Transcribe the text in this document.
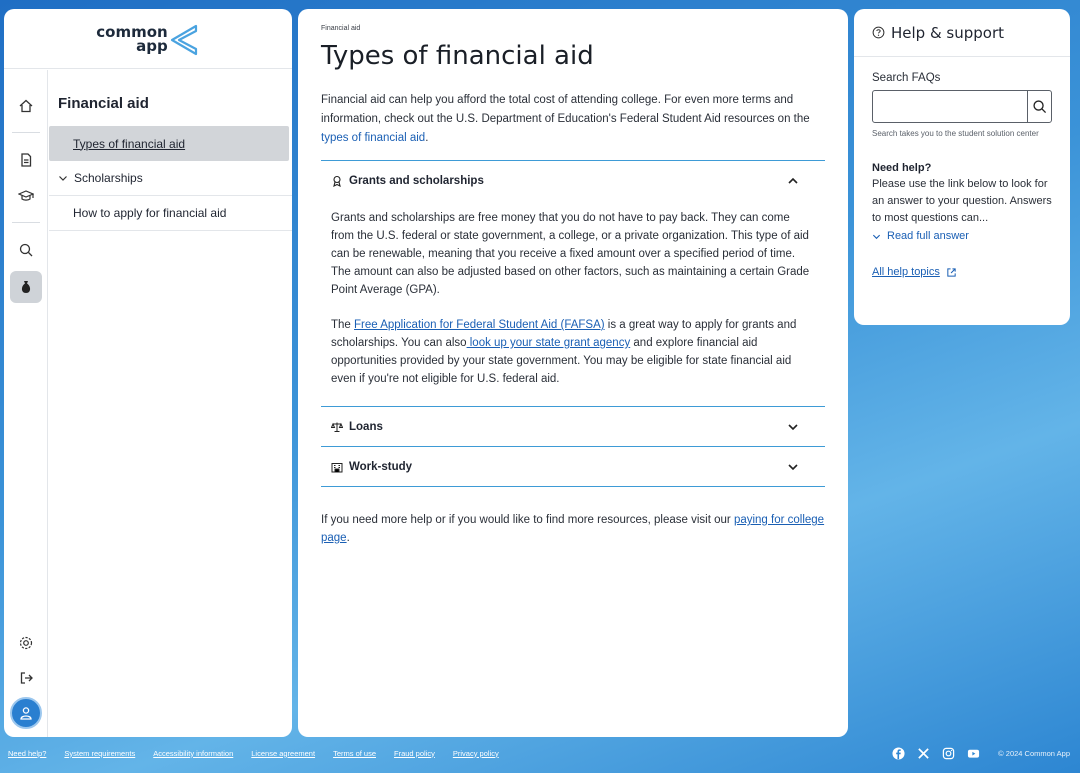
common
app
Financial aid
Types of financial aid
Scholarships
How to apply for financial aid
Financial aid
Types of financial aid

Financial aid can help you afford the total cost of attending college. For even more terms and information, check out the U.S. Department of Education's Federal Student Aid resources on the types of financial aid.

Grants and scholarships

Grants and scholarships are free money that you do not have to pay back. They can come from the U.S. federal or state government, a college, or a private organization. This type of aid can be renewable, meaning that you receive a fixed amount over a specified period of time. The amount can also be adjusted based on other factors, such as maintaining a certain Grade Point Average (GPA).

The Free Application for Federal Student Aid (FAFSA) is a great way to apply for grants and scholarships. You can also look up your state grant agency and explore financial aid opportunities provided by your state government. You may be eligible for state financial aid even if you're not eligible for U.S. federal aid.

Loans
Work-study

If you need more help or if you would like to find more resources, please visit our paying for college page.

Help & support
Search FAQs
Search takes you to the student solution center
Need help?
Please use the link below to look for an answer to your question. Answers to most questions can...
Read full answer
All help topics
Need help? System requirements Accessibility information License agreement Terms of use Fraud policy Privacy policy	© 2024 Common App
